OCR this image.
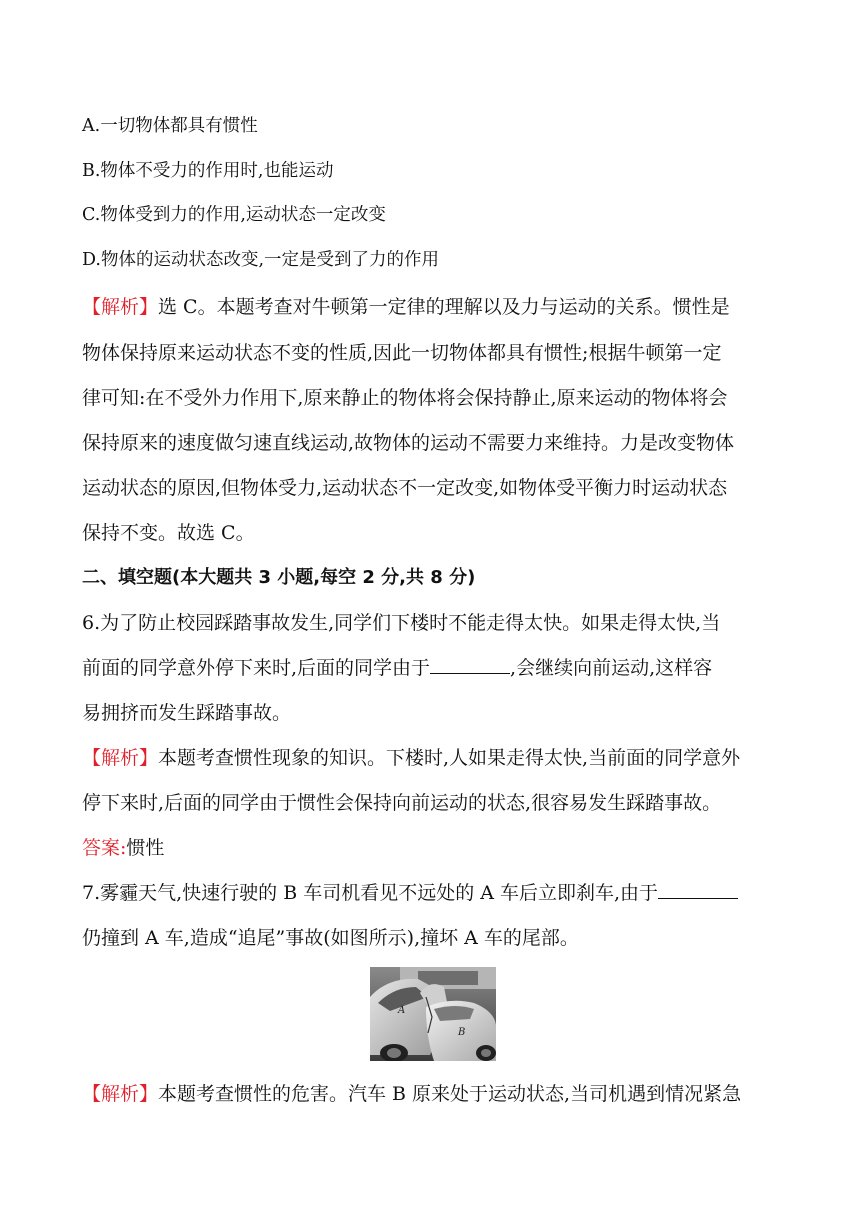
A.一切物体都具有惯性
B.物体不受力的作用时,也能运动
C.物体受到力的作用,运动状态一定改变
D.物体的运动状态改变,一定是受到了力的作用
【解析】选 C。本题考查对牛顿第一定律的理解以及力与运动的关系。惯性是
物体保持原来运动状态不变的性质,因此一切物体都具有惯性;根据牛顿第一定
律可知:在不受外力作用下,原来静止的物体将会保持静止,原来运动的物体将会
保持原来的速度做匀速直线运动,故物体的运动不需要力来维持。力是改变物体
运动状态的原因,但物体受力,运动状态不一定改变,如物体受平衡力时运动状态
保持不变。故选 C。
二、填空题(本大题共 3 小题,每空 2 分,共 8 分)
6.为了防止校园踩踏事故发生,同学们下楼时不能走得太快。如果走得太快,当
前面的同学意外停下来时,后面的同学由于	,会继续向前运动,这样容
易拥挤而发生踩踏事故。
【解析】本题考查惯性现象的知识。下楼时,人如果走得太快,当前面的同学意外
停下来时,后面的同学由于惯性会保持向前运动的状态,很容易发生踩踏事故。
答案:惯性
7.雾霾天气,快速行驶的 B 车司机看见不远处的 A 车后立即刹车,由于
仍撞到 A 车,造成“追尾”事故(如图所示),撞坏 A 车的尾部。
A
B
【解析】本题考查惯性的危害。汽车 B 原来处于运动状态,当司机遇到情况紧急
